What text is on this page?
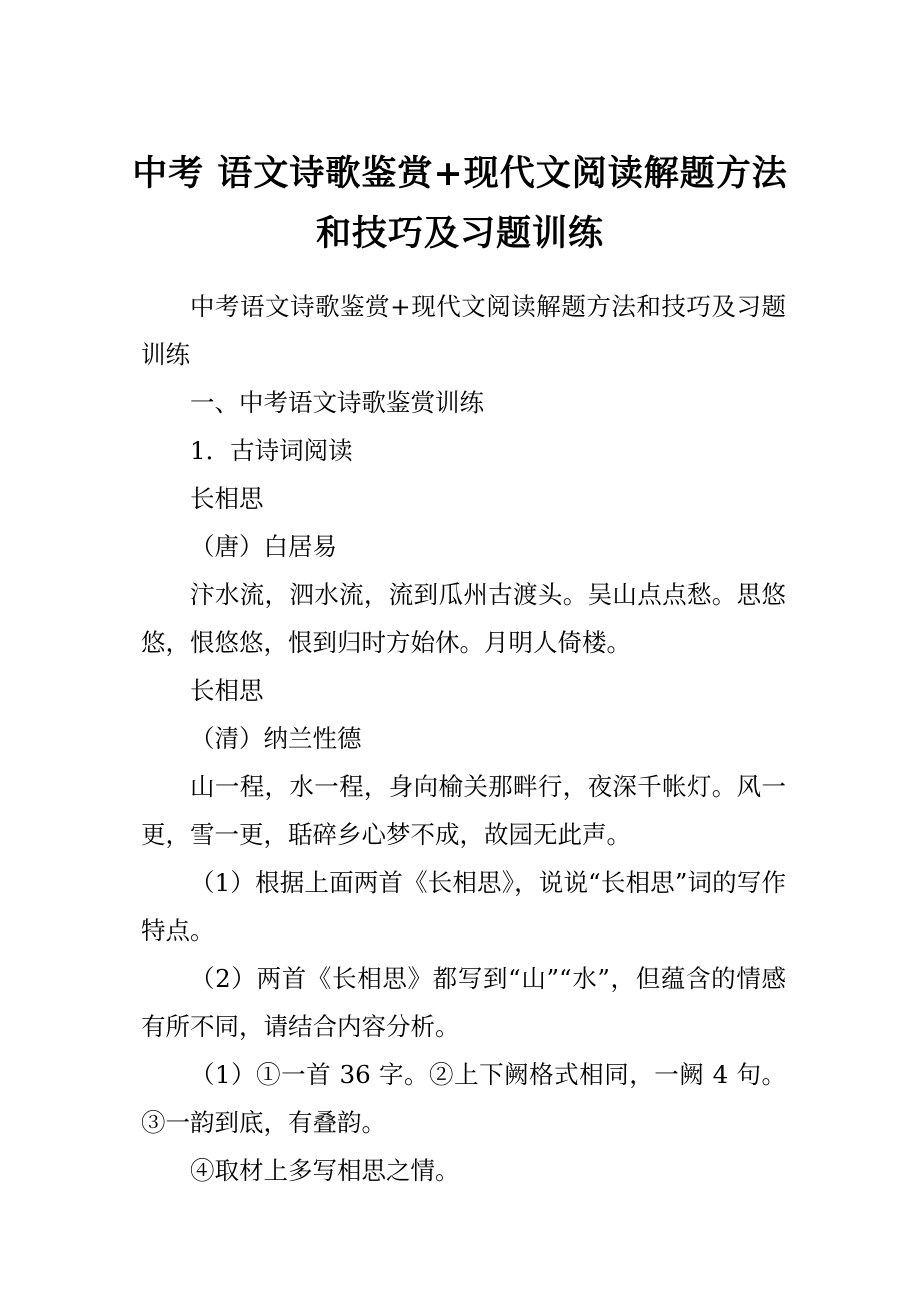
中考 语文诗歌鉴赏+现代文阅读解题方法
和技巧及习题训练

中考语文诗歌鉴赏+现代文阅读解题方法和技巧及习题训练

一、中考语文诗歌鉴赏训练

1．古诗词阅读

长相思

（唐）白居易

汴水流，泗水流，流到瓜州古渡头。吴山点点愁。思悠悠，恨悠悠，恨到归时方始休。月明人倚楼。

长相思

（清）纳兰性德

山一程，水一程，身向榆关那畔行，夜深千帐灯。风一更，雪一更，聒碎乡心梦不成，故园无此声。

（1）根据上面两首《长相思》，说说“长相思”词的写作特点。

（2）两首《长相思》都写到“山”“水”，但蕴含的情感有所不同，请结合内容分析。

（1）①一首 36 字。②上下阙格式相同，一阙 4 句。③一韵到底，有叠韵。

④取材上多写相思之情。
